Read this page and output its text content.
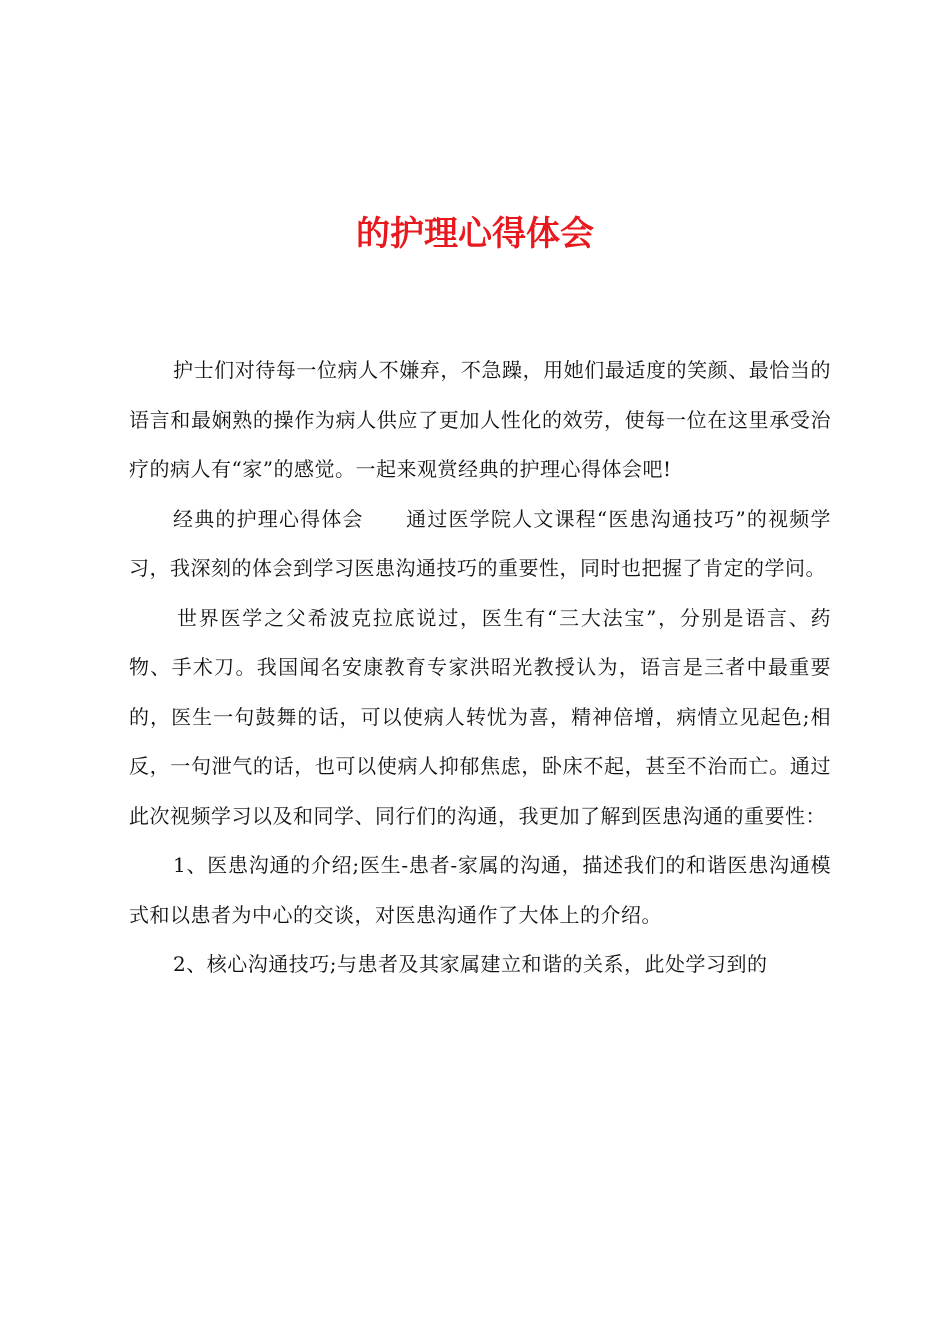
的护理心得体会

护士们对待每一位病人不嫌弃，不急躁，用她们最适度的笑颜、最恰当的语言和最娴熟的操作为病人供应了更加人性化的效劳，使每一位在这里承受治疗的病人有“家”的感觉。一起来观赏经典的护理心得体会吧!

经典的护理心得体会　　通过医学院人文课程“医患沟通技巧”的视频学习，我深刻的体会到学习医患沟通技巧的重要性，同时也把握了肯定的学问。

世界医学之父希波克拉底说过，医生有“三大法宝”，分别是语言、药物、手术刀。我国闻名安康教育专家洪昭光教授认为，语言是三者中最重要的，医生一句鼓舞的话，可以使病人转忧为喜，精神倍增，病情立见起色;相反，一句泄气的话，也可以使病人抑郁焦虑，卧床不起，甚至不治而亡。通过此次视频学习以及和同学、同行们的沟通，我更加了解到医患沟通的重要性：

1、医患沟通的介绍;医生-患者-家属的沟通，描述我们的和谐医患沟通模式和以患者为中心的交谈，对医患沟通作了大体上的介绍。

2、核心沟通技巧;与患者及其家属建立和谐的关系，此处学习到的
